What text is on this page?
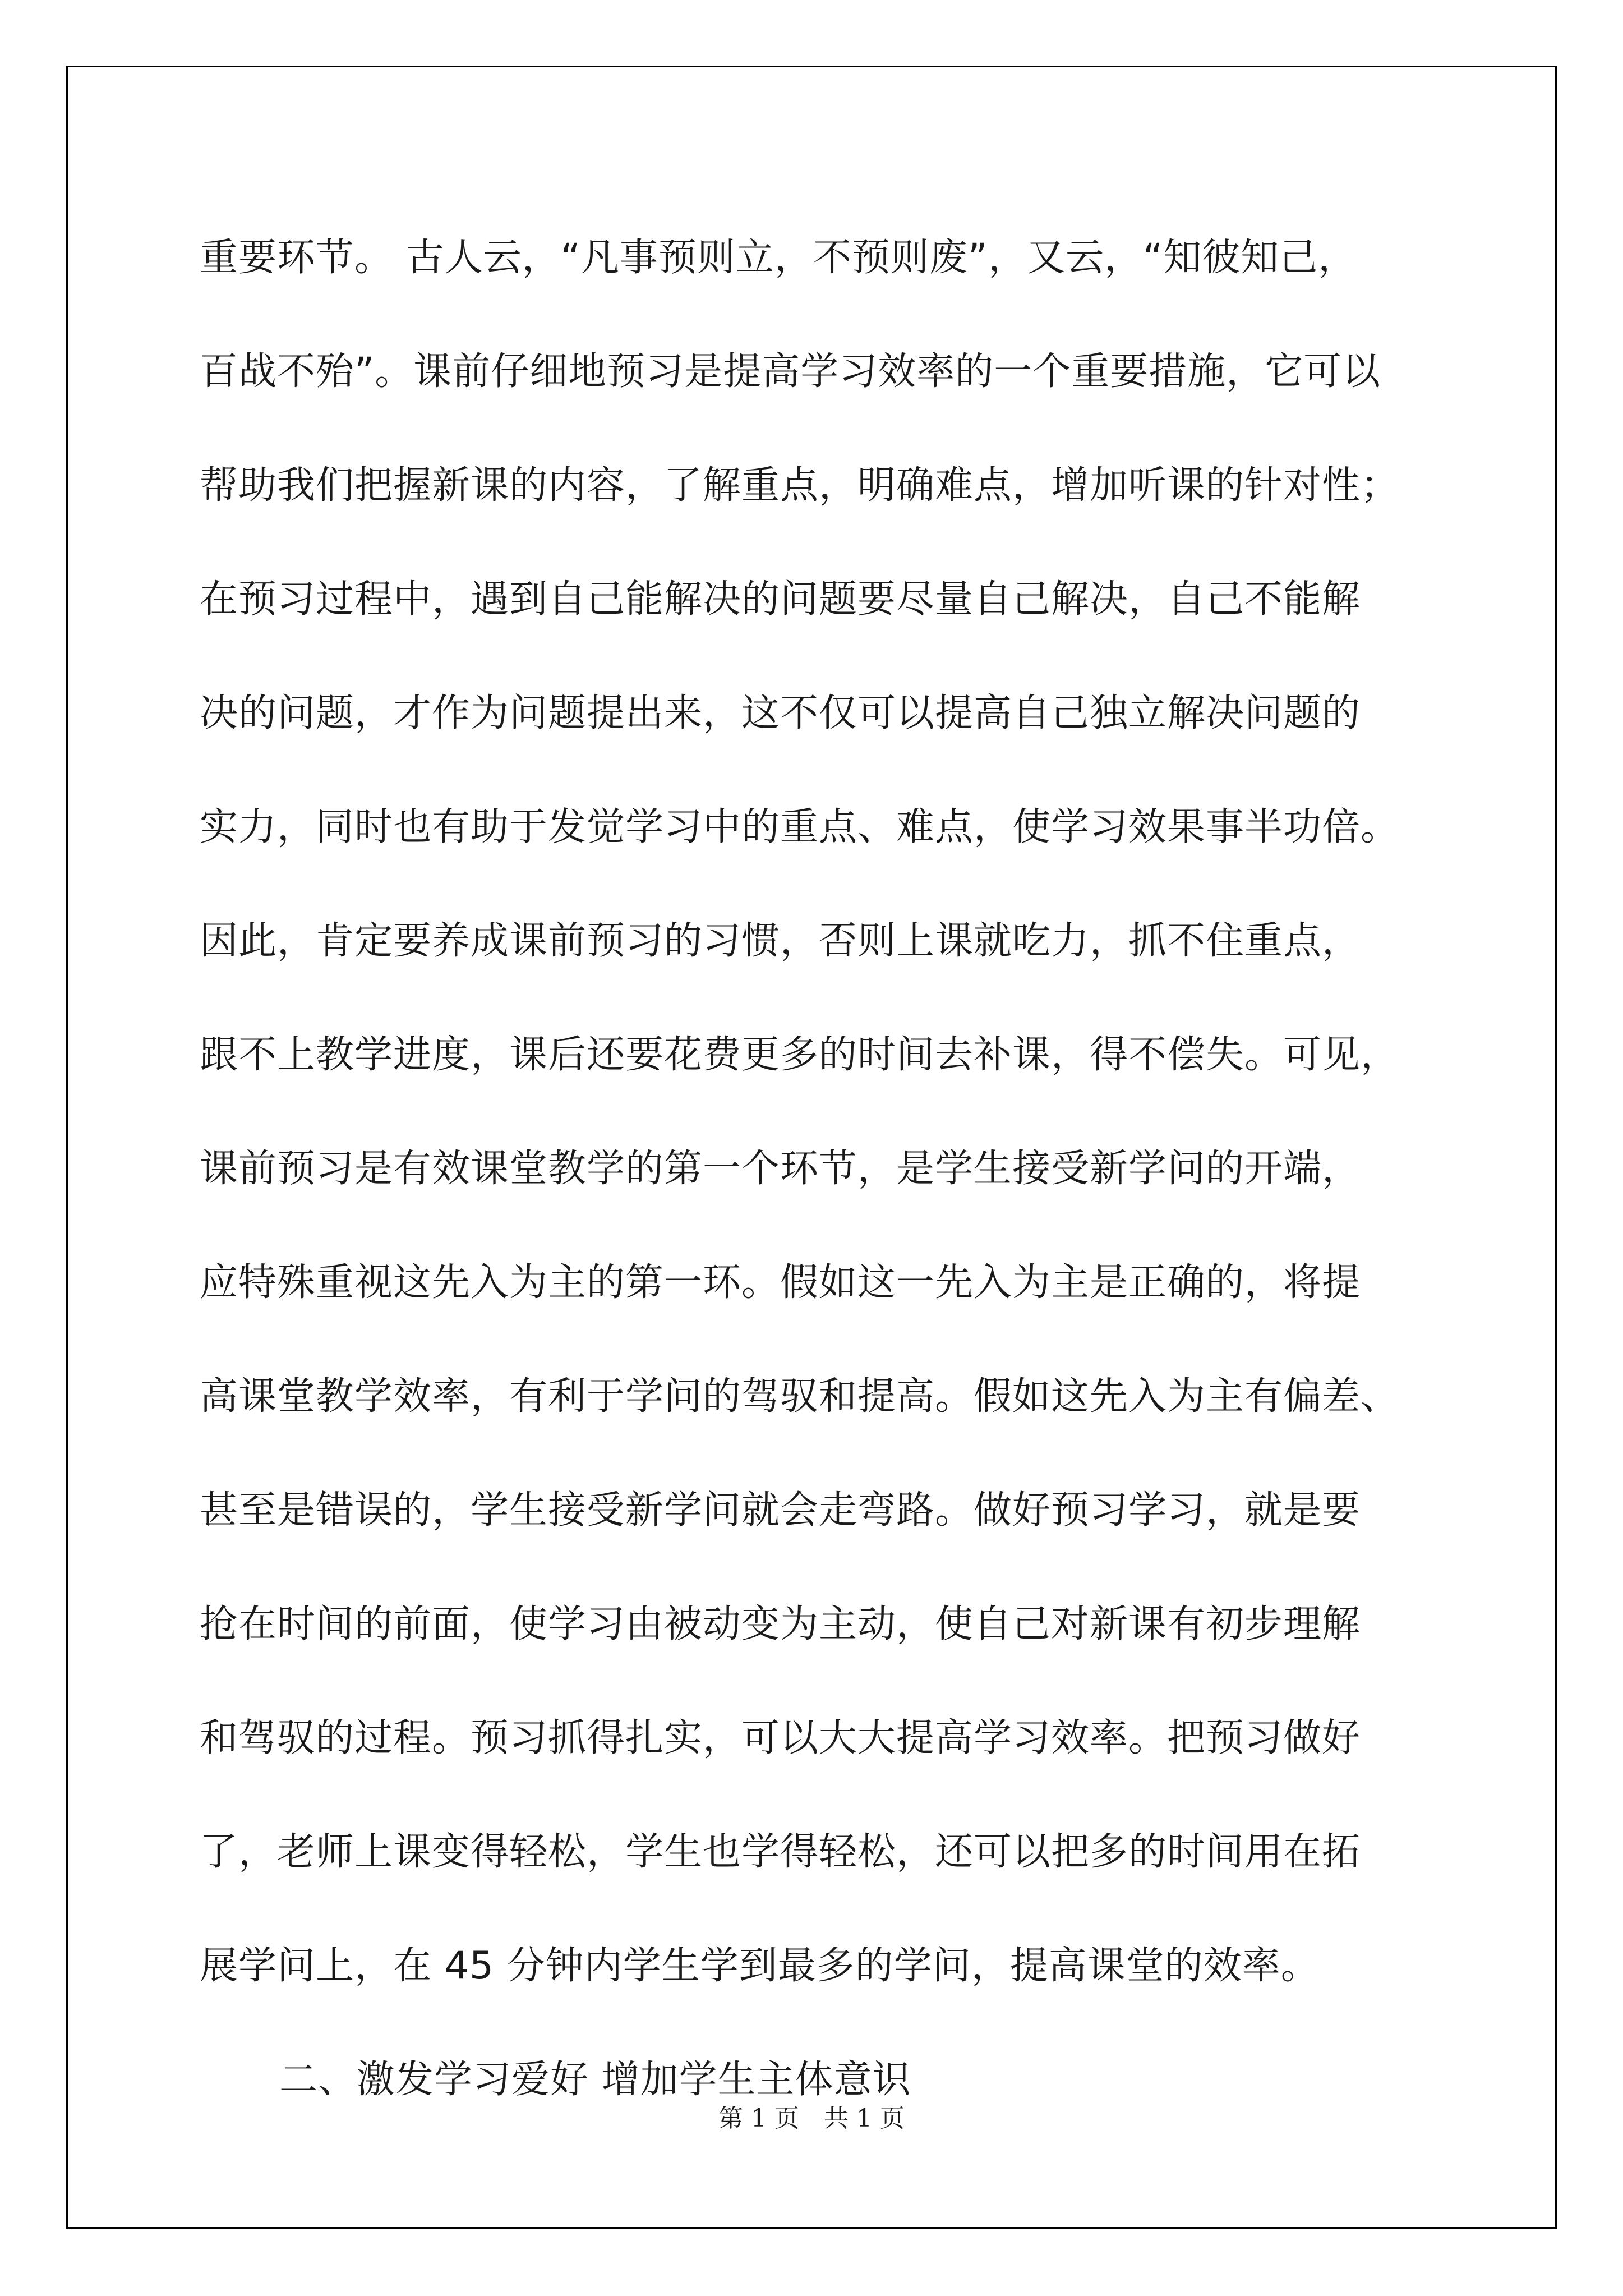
重要环节。 古人云，“凡事预则立，不预则废”，又云，“知彼知己，
百战不殆”。课前仔细地预习是提高学习效率的一个重要措施，它可以
帮助我们把握新课的内容，了解重点，明确难点，增加听课的针对性；
在预习过程中，遇到自己能解决的问题要尽量自己解决，自己不能解
决的问题，才作为问题提出来，这不仅可以提高自己独立解决问题的
实力，同时也有助于发觉学习中的重点、难点，使学习效果事半功倍。
因此，肯定要养成课前预习的习惯，否则上课就吃力，抓不住重点，
跟不上教学进度，课后还要花费更多的时间去补课，得不偿失。可见，
课前预习是有效课堂教学的第一个环节，是学生接受新学问的开端，
应特殊重视这先入为主的第一环。假如这一先入为主是正确的，将提
高课堂教学效率，有利于学问的驾驭和提高。假如这先入为主有偏差、
甚至是错误的，学生接受新学问就会走弯路。做好预习学习，就是要
抢在时间的前面，使学习由被动变为主动，使自己对新课有初步理解
和驾驭的过程。预习抓得扎实，可以大大提高学习效率。把预习做好
了，老师上课变得轻松，学生也学得轻松，还可以把多的时间用在拓
展学问上，在 45 分钟内学生学到最多的学问，提高课堂的效率。
二、激发学习爱好 增加学生主体意识
第 1 页　共 1 页
